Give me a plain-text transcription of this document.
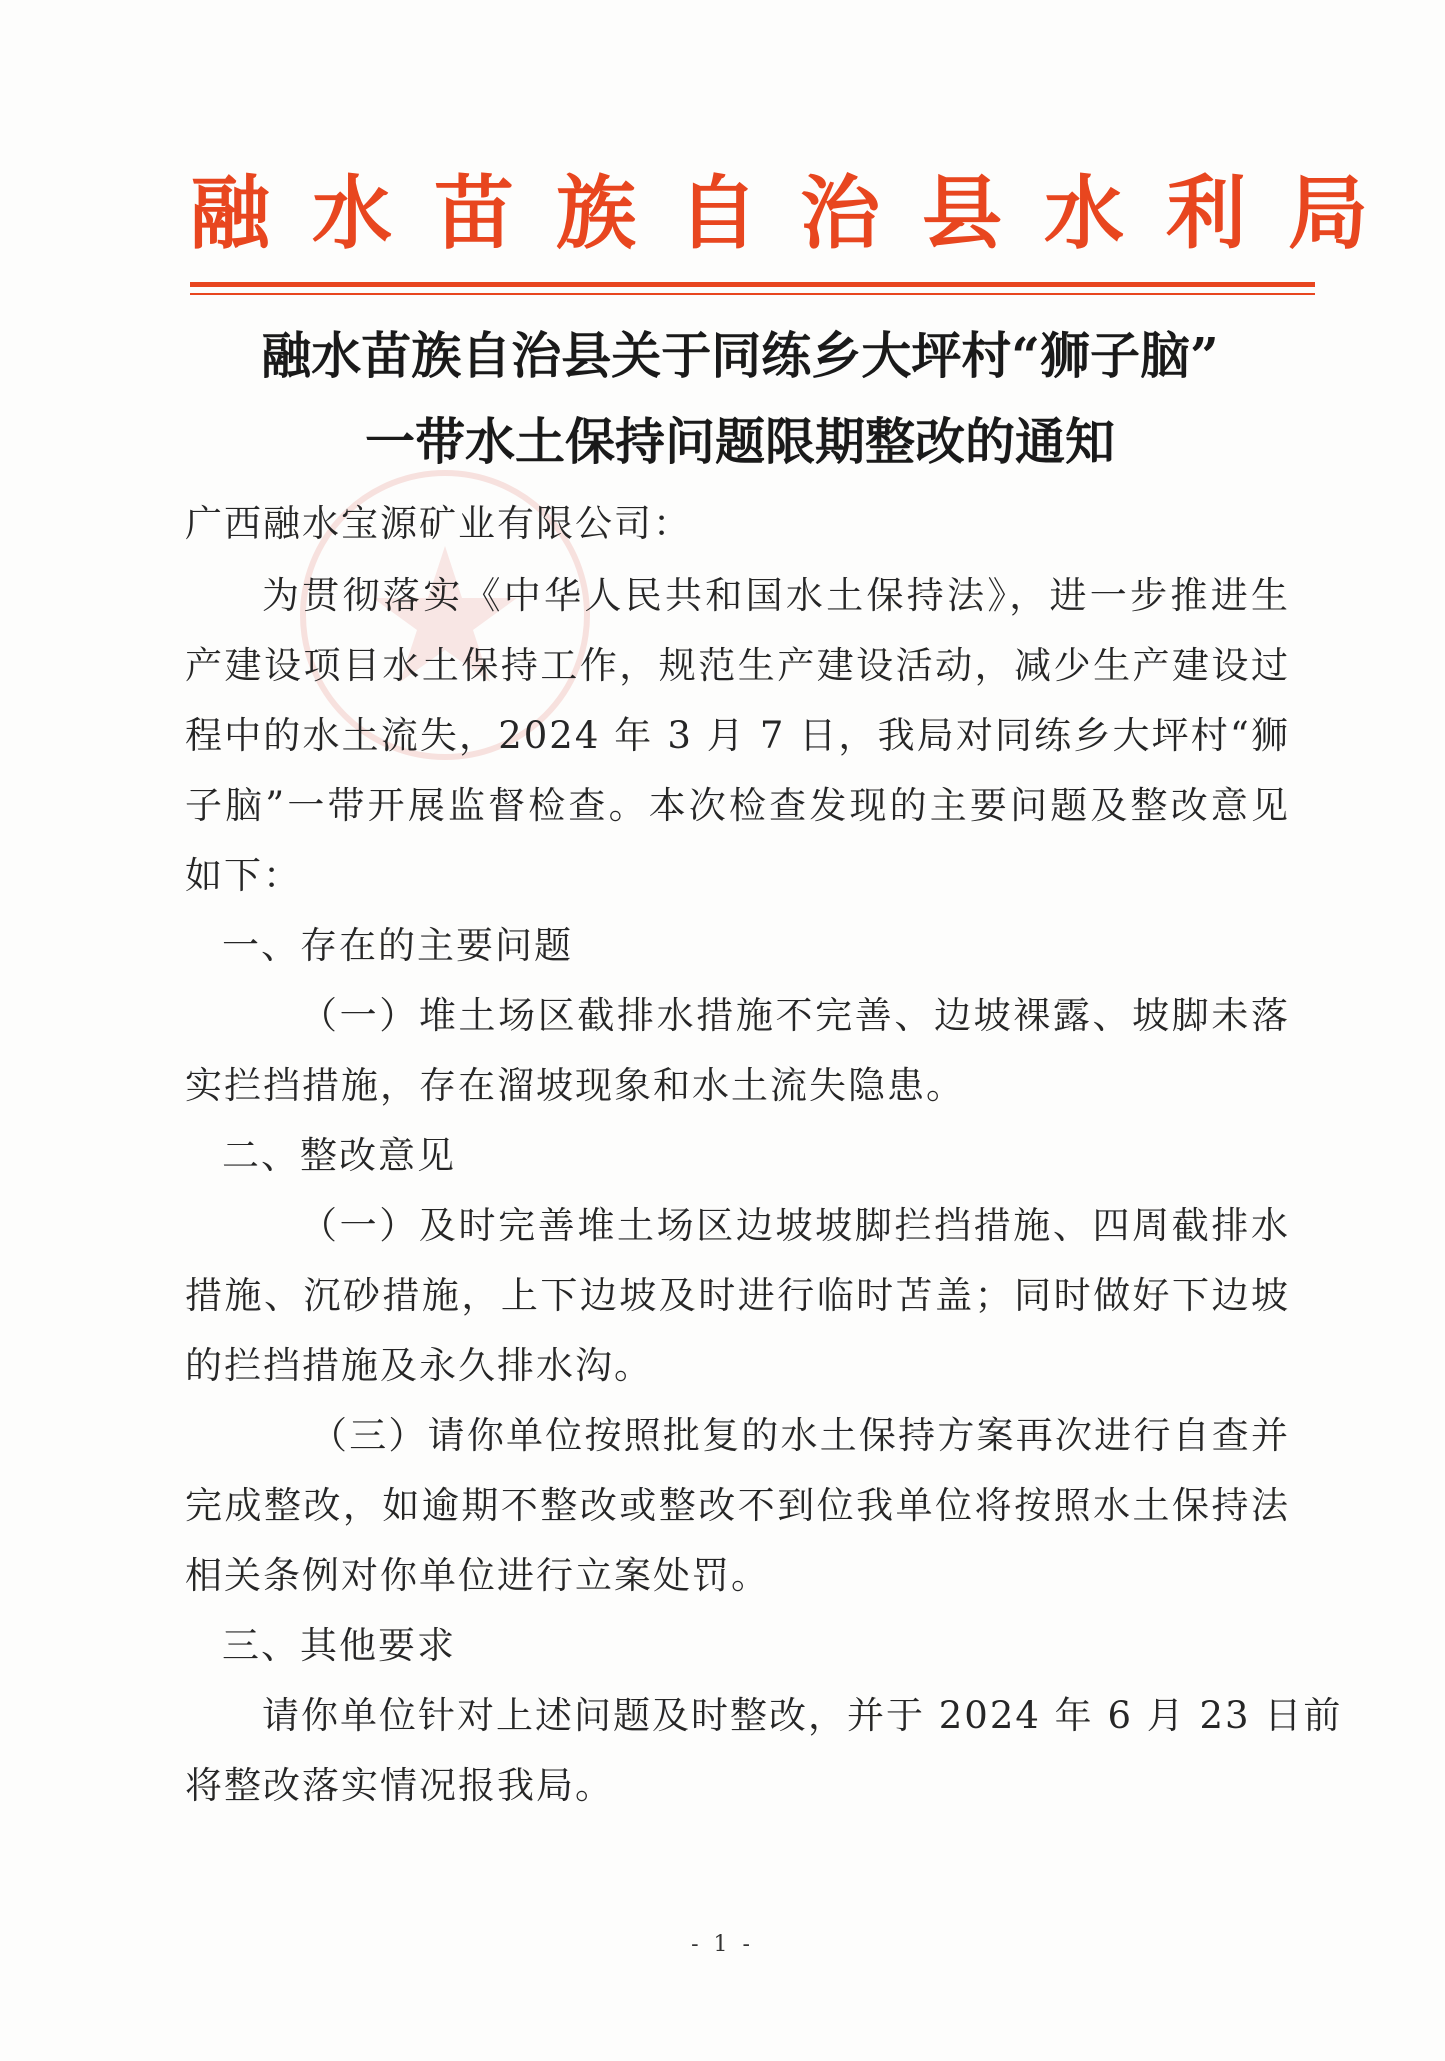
融水苗族自治县水利局
融水苗族自治县关于同练乡大坪村“狮子脑”
一带水土保持问题限期整改的通知
广西融水宝源矿业有限公司：
为贯彻落实《中华人民共和国水土保持法》，进一步推进生
产建设项目水土保持工作，规范生产建设活动，减少生产建设过
程中的水土流失，2024 年 3 月 7 日，我局对同练乡大坪村“狮
子脑”一带开展监督检查。本次检查发现的主要问题及整改意见
如下：
一、存在的主要问题
（一）堆土场区截排水措施不完善、边坡裸露、坡脚未落
实拦挡措施，存在溜坡现象和水土流失隐患。
二、整改意见
（一）及时完善堆土场区边坡坡脚拦挡措施、四周截排水
措施、沉砂措施，上下边坡及时进行临时苫盖；同时做好下边坡
的拦挡措施及永久排水沟。
（三）请你单位按照批复的水土保持方案再次进行自查并
完成整改，如逾期不整改或整改不到位我单位将按照水土保持法
相关条例对你单位进行立案处罚。
三、其他要求
请你单位针对上述问题及时整改，并于 2024 年 6 月 23 日前
将整改落实情况报我局。
- 1 -
